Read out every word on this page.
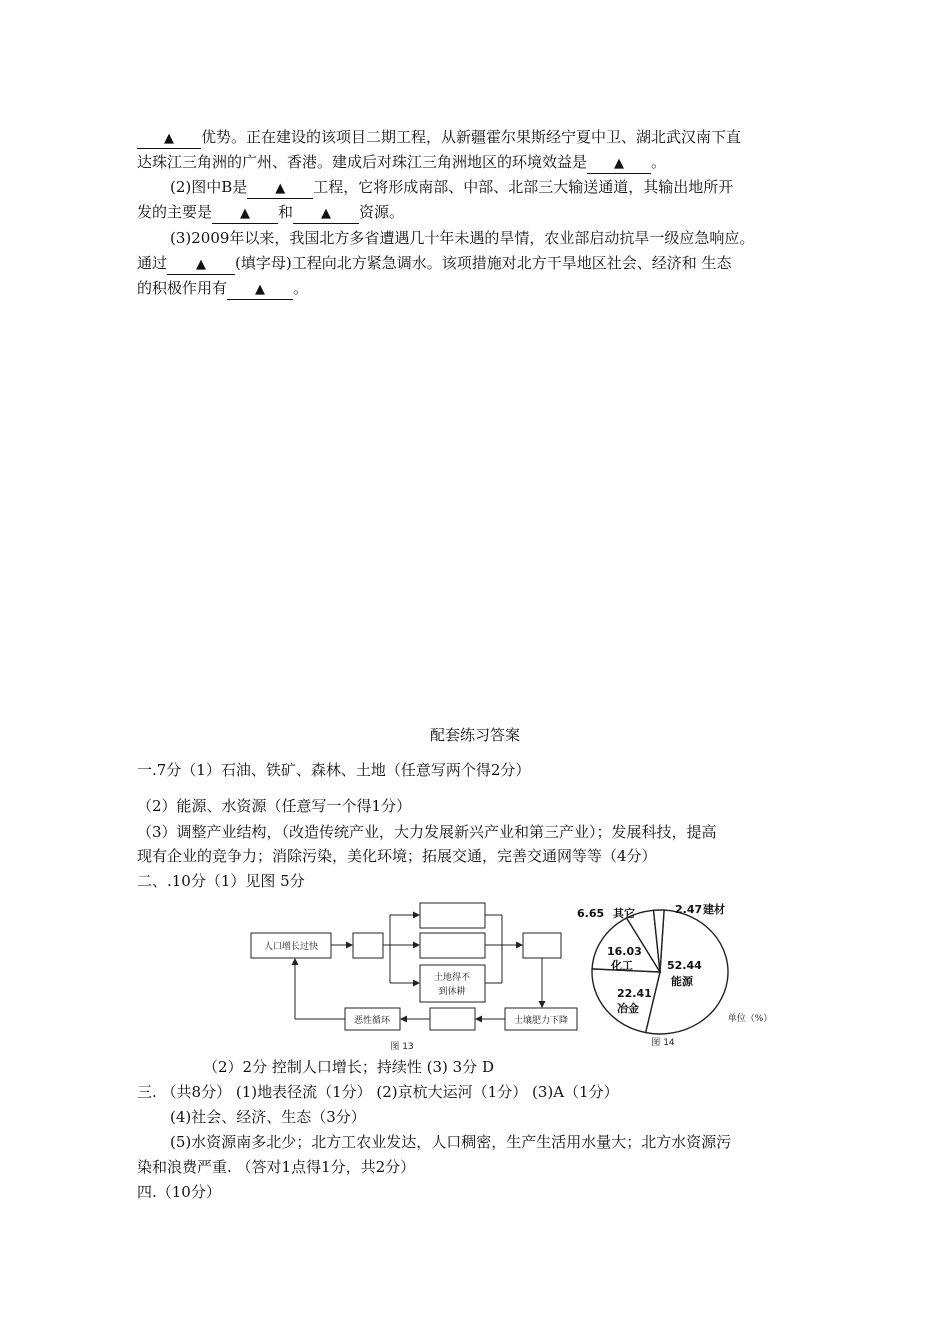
▲ 优势。正在建设的该项目二期工程，从新疆霍尔果斯经宁夏中卫、湖北武汉南下直
达珠江三角洲的广州、香港。建成后对珠江三角洲地区的环境效益是 ▲ 。
(2)图中B是 ▲ 工程，它将形成南部、中部、北部三大输送通道，其输出地所开
发的主要是 ▲ 和 ▲ 资源。
(3)2009年以来，我国北方多省遭遇几十年未遇的旱情，农业部启动抗旱一级应急响应。
通过 ▲ (填字母)工程向北方紧急调水。该项措施对北方干旱地区社会、经济和 生态
的积极作用有 ▲ 。
配套练习答案
一.7分（1）石油、铁矿、森林、土地（任意写两个得2分）
（2）能源、水资源（任意写一个得1分）
（3）调整产业结构，（改造传统产业，大力发展新兴产业和第三产业）；发展科技，提高
现有企业的竞争力；消除污染，美化环境；拓展交通，完善交通网等等（4分）
二、.10分（1）见图 5分
人口增长过快
土地得不
到休耕
恶性循环	土壤肥力下降
图 13
52.44
能源
22.41
冶金
16.03
化工
6.65 其它	2.47 建材
单位（%）
图 14
（2）2分 控制人口增长；持续性 (3) 3分 D
三. （共8分） (1)地表径流（1分） (2)京杭大运河（1分） (3)A（1分）
(4)社会、经济、生态（3分）
(5)水资源南多北少；北方工农业发达，人口稠密，生产生活用水量大；北方水资源污
染和浪费严重. （答对1点得1分，共2分）
四.（10分）
